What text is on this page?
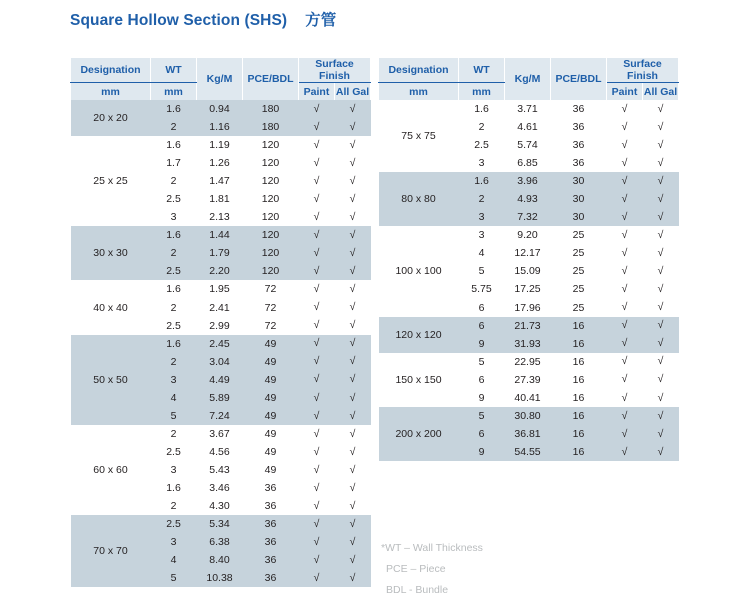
Square Hollow Section (SHS) 方管
Designation	WT	Kg/M	PCE/BDL	Surface Finish	
mm	mm			Paint	All Gal
20 x 20	1.6	0.94	180	√	√
	2	1.16	180	√	√
25 x 25	1.6	1.19	120	√	√
	1.7	1.26	120	√	√
	2	1.47	120	√	√
	2.5	1.81	120	√	√
	3	2.13	120	√	√
30 x 30	1.6	1.44	120	√	√
	2	1.79	120	√	√
	2.5	2.20	120	√	√
40 x 40	1.6	1.95	72	√	√
	2	2.41	72	√	√
	2.5	2.99	72	√	√
50 x 50	1.6	2.45	49	√	√
	2	3.04	49	√	√
	3	4.49	49	√	√
	4	5.89	49	√	√
	5	7.24	49	√	√
60 x 60	2	3.67	49	√	√
	2.5	4.56	49	√	√
	3	5.43	49	√	√
	1.6	3.46	36	√	√
	2	4.30	36	√	√
70 x 70	2.5	5.34	36	√	√
	3	6.38	36	√	√
	4	8.40	36	√	√
	5	10.38	36	√	√
Designation	WT	Kg/M	PCE/BDL	Surface Finish	
mm	mm			Paint	All Gal
75 x 75	1.6	3.71	36	√	√
	2	4.61	36	√	√
	2.5	5.74	36	√	√
	3	6.85	36	√	√
80 x 80	1.6	3.96	30	√	√
	2	4.93	30	√	√
	3	7.32	30	√	√
100 x 100	3	9.20	25	√	√
	4	12.17	25	√	√
	5	15.09	25	√	√
	5.75	17.25	25	√	√
	6	17.96	25	√	√
120 x 120	6	21.73	16	√	√
	9	31.93	16	√	√
150 x 150	5	22.95	16	√	√
	6	27.39	16	√	√
	9	40.41	16	√	√
200 x 200	5	30.80	16	√	√
	6	36.81	16	√	√
	9	54.55	16	√	√
*WT – Wall Thickness
PCE – Piece
BDL - Bundle
